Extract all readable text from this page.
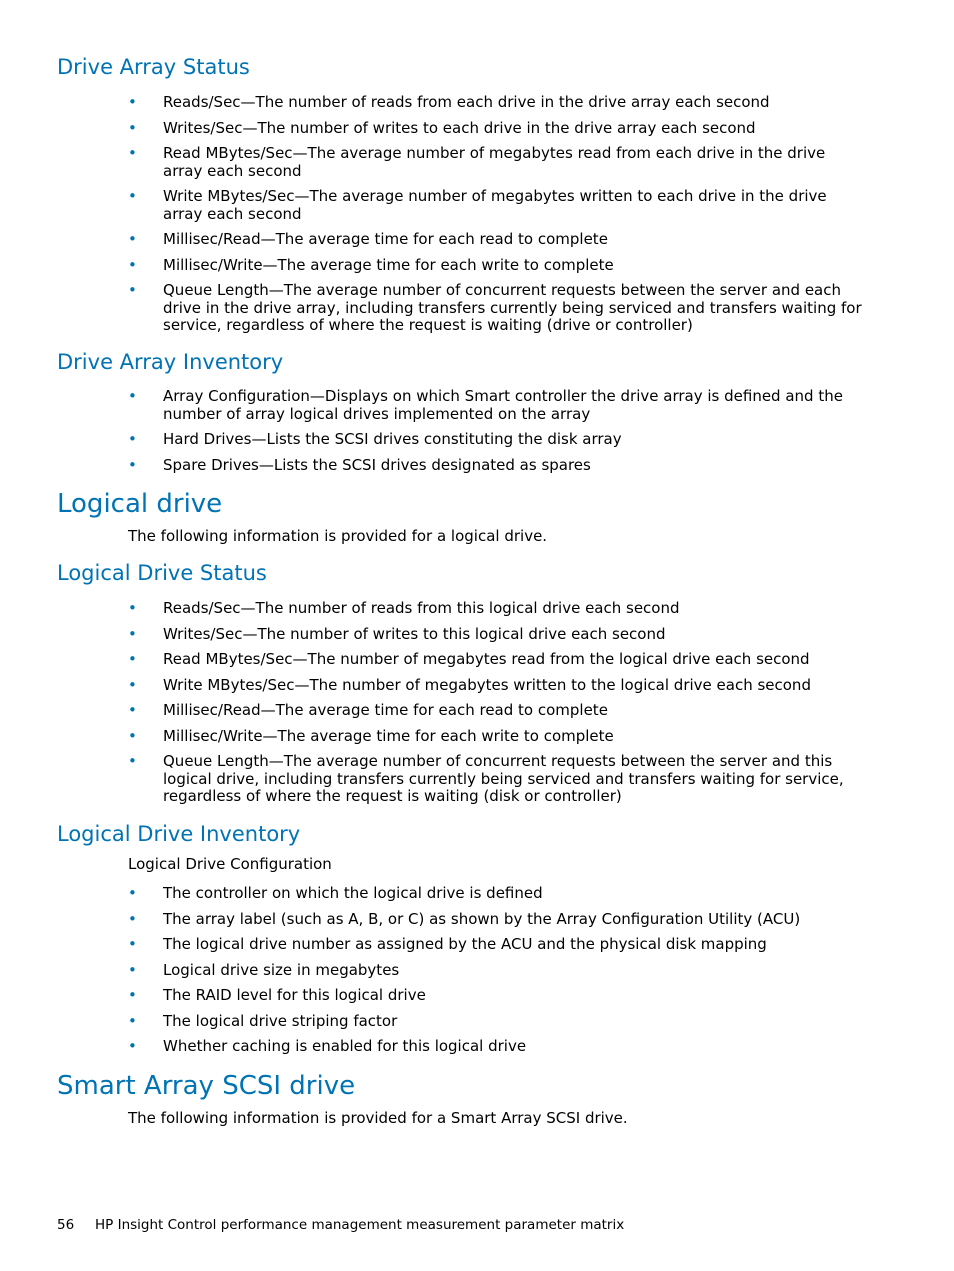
Drive Array Status
• Reads/Sec—The number of reads from each drive in the drive array each second
• Writes/Sec—The number of writes to each drive in the drive array each second
• Read MBytes/Sec—The average number of megabytes read from each drive in the drive array each second
• Write MBytes/Sec—The average number of megabytes written to each drive in the drive array each second
• Millisec/Read—The average time for each read to complete
• Millisec/Write—The average time for each write to complete
• Queue Length—The average number of concurrent requests between the server and each drive in the drive array, including transfers currently being serviced and transfers waiting for service, regardless of where the request is waiting (drive or controller)
Drive Array Inventory
• Array Configuration—Displays on which Smart controller the drive array is defined and the number of array logical drives implemented on the array
• Hard Drives—Lists the SCSI drives constituting the disk array
• Spare Drives—Lists the SCSI drives designated as spares
Logical drive

The following information is provided for a logical drive.

Logical Drive Status
• Reads/Sec—The number of reads from this logical drive each second
• Writes/Sec—The number of writes to this logical drive each second
• Read MBytes/Sec—The number of megabytes read from the logical drive each second
• Write MBytes/Sec—The number of megabytes written to the logical drive each second
• Millisec/Read—The average time for each read to complete
• Millisec/Write—The average time for each write to complete
• Queue Length—The average number of concurrent requests between the server and this logical drive, including transfers currently being serviced and transfers waiting for service, regardless of where the request is waiting (disk or controller)
Logical Drive Inventory

Logical Drive Configuration

• The controller on which the logical drive is defined
• The array label (such as A, B, or C) as shown by the Array Configuration Utility (ACU)
• The logical drive number as assigned by the ACU and the physical disk mapping
• Logical drive size in megabytes
• The RAID level for this logical drive
• The logical drive striping factor
• Whether caching is enabled for this logical drive
Smart Array SCSI drive

The following information is provided for a Smart Array SCSI drive.

56 HP Insight Control performance management measurement parameter matrix
